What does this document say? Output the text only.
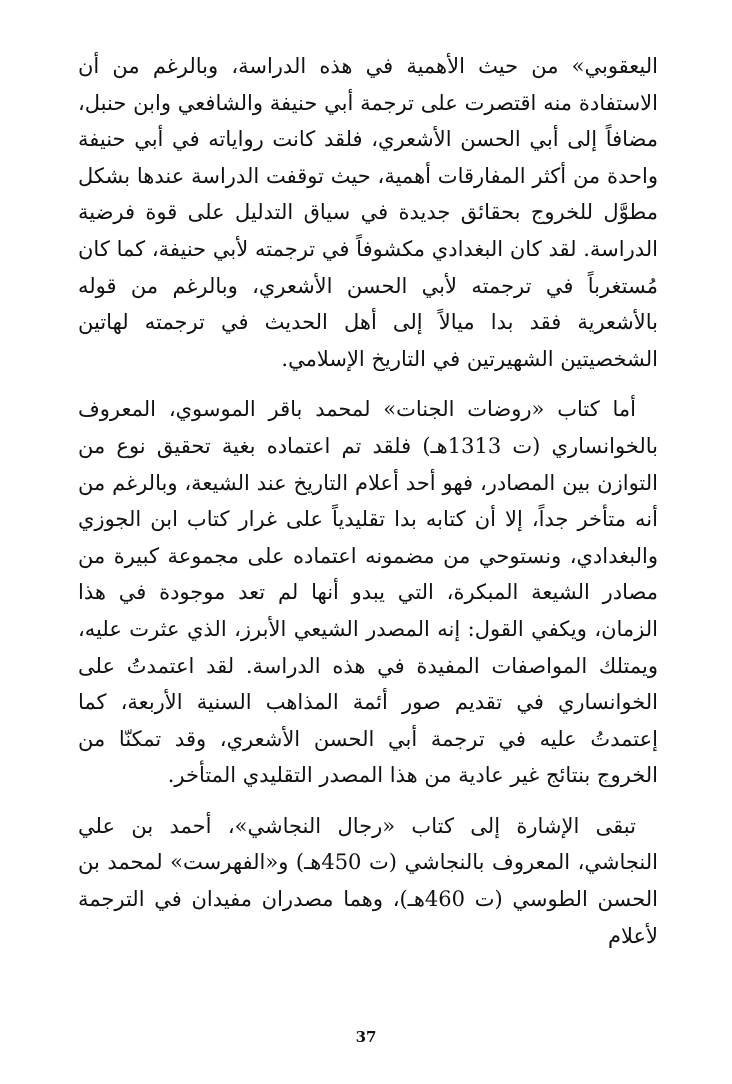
اليعقوبي» من حيث الأهمية في هذه الدراسة، وبالرغم من أن الاستفادة منه اقتصرت على ترجمة أبي حنيفة والشافعي وابن حنبل، مضافاً إلى أبي الحسن الأشعري، فلقد كانت رواياته في أبي حنيفة واحدة من أكثر المفارقات أهمية، حيث توقفت الدراسة عندها بشكل مطوَّل للخروج بحقائق جديدة في سياق التدليل على قوة فرضية الدراسة. لقد كان البغدادي مكشوفاً في ترجمته لأبي حنيفة، كما كان مُستغرباً في ترجمته لأبي الحسن الأشعري، وبالرغم من قوله بالأشعرية فقد بدا ميالاً إلى أهل الحديث في ترجمته لهاتين الشخصيتين الشهيرتين في التاريخ الإسلامي.

أما كتاب «روضات الجنات» لمحمد باقر الموسوي، المعروف بالخوانساري (ت 1313هـ) فلقد تم اعتماده بغية تحقيق نوع من التوازن بين المصادر، فهو أحد أعلام التاريخ عند الشيعة، وبالرغم من أنه متأخر جداً، إلا أن كتابه بدا تقليدياً على غرار كتاب ابن الجوزي والبغدادي، ونستوحي من مضمونه اعتماده على مجموعة كبيرة من مصادر الشيعة المبكرة، التي يبدو أنها لم تعد موجودة في هذا الزمان، ويكفي القول: إنه المصدر الشيعي الأبرز، الذي عثرت عليه، ويمتلك المواصفات المفيدة في هذه الدراسة. لقد اعتمدتُ على الخوانساري في تقديم صور أئمة المذاهب السنية الأربعة، كما إعتمدتُ عليه في ترجمة أبي الحسن الأشعري، وقد تمكنّا من الخروج بنتائج غير عادية من هذا المصدر التقليدي المتأخر.

تبقى الإشارة إلى كتاب «رجال النجاشي»، أحمد بن علي النجاشي، المعروف بالنجاشي (ت 450هـ) و«الفهرست» لمحمد بن الحسن الطوسي (ت 460هـ)، وهما مصدران مفيدان في الترجمة لأعلام

37
